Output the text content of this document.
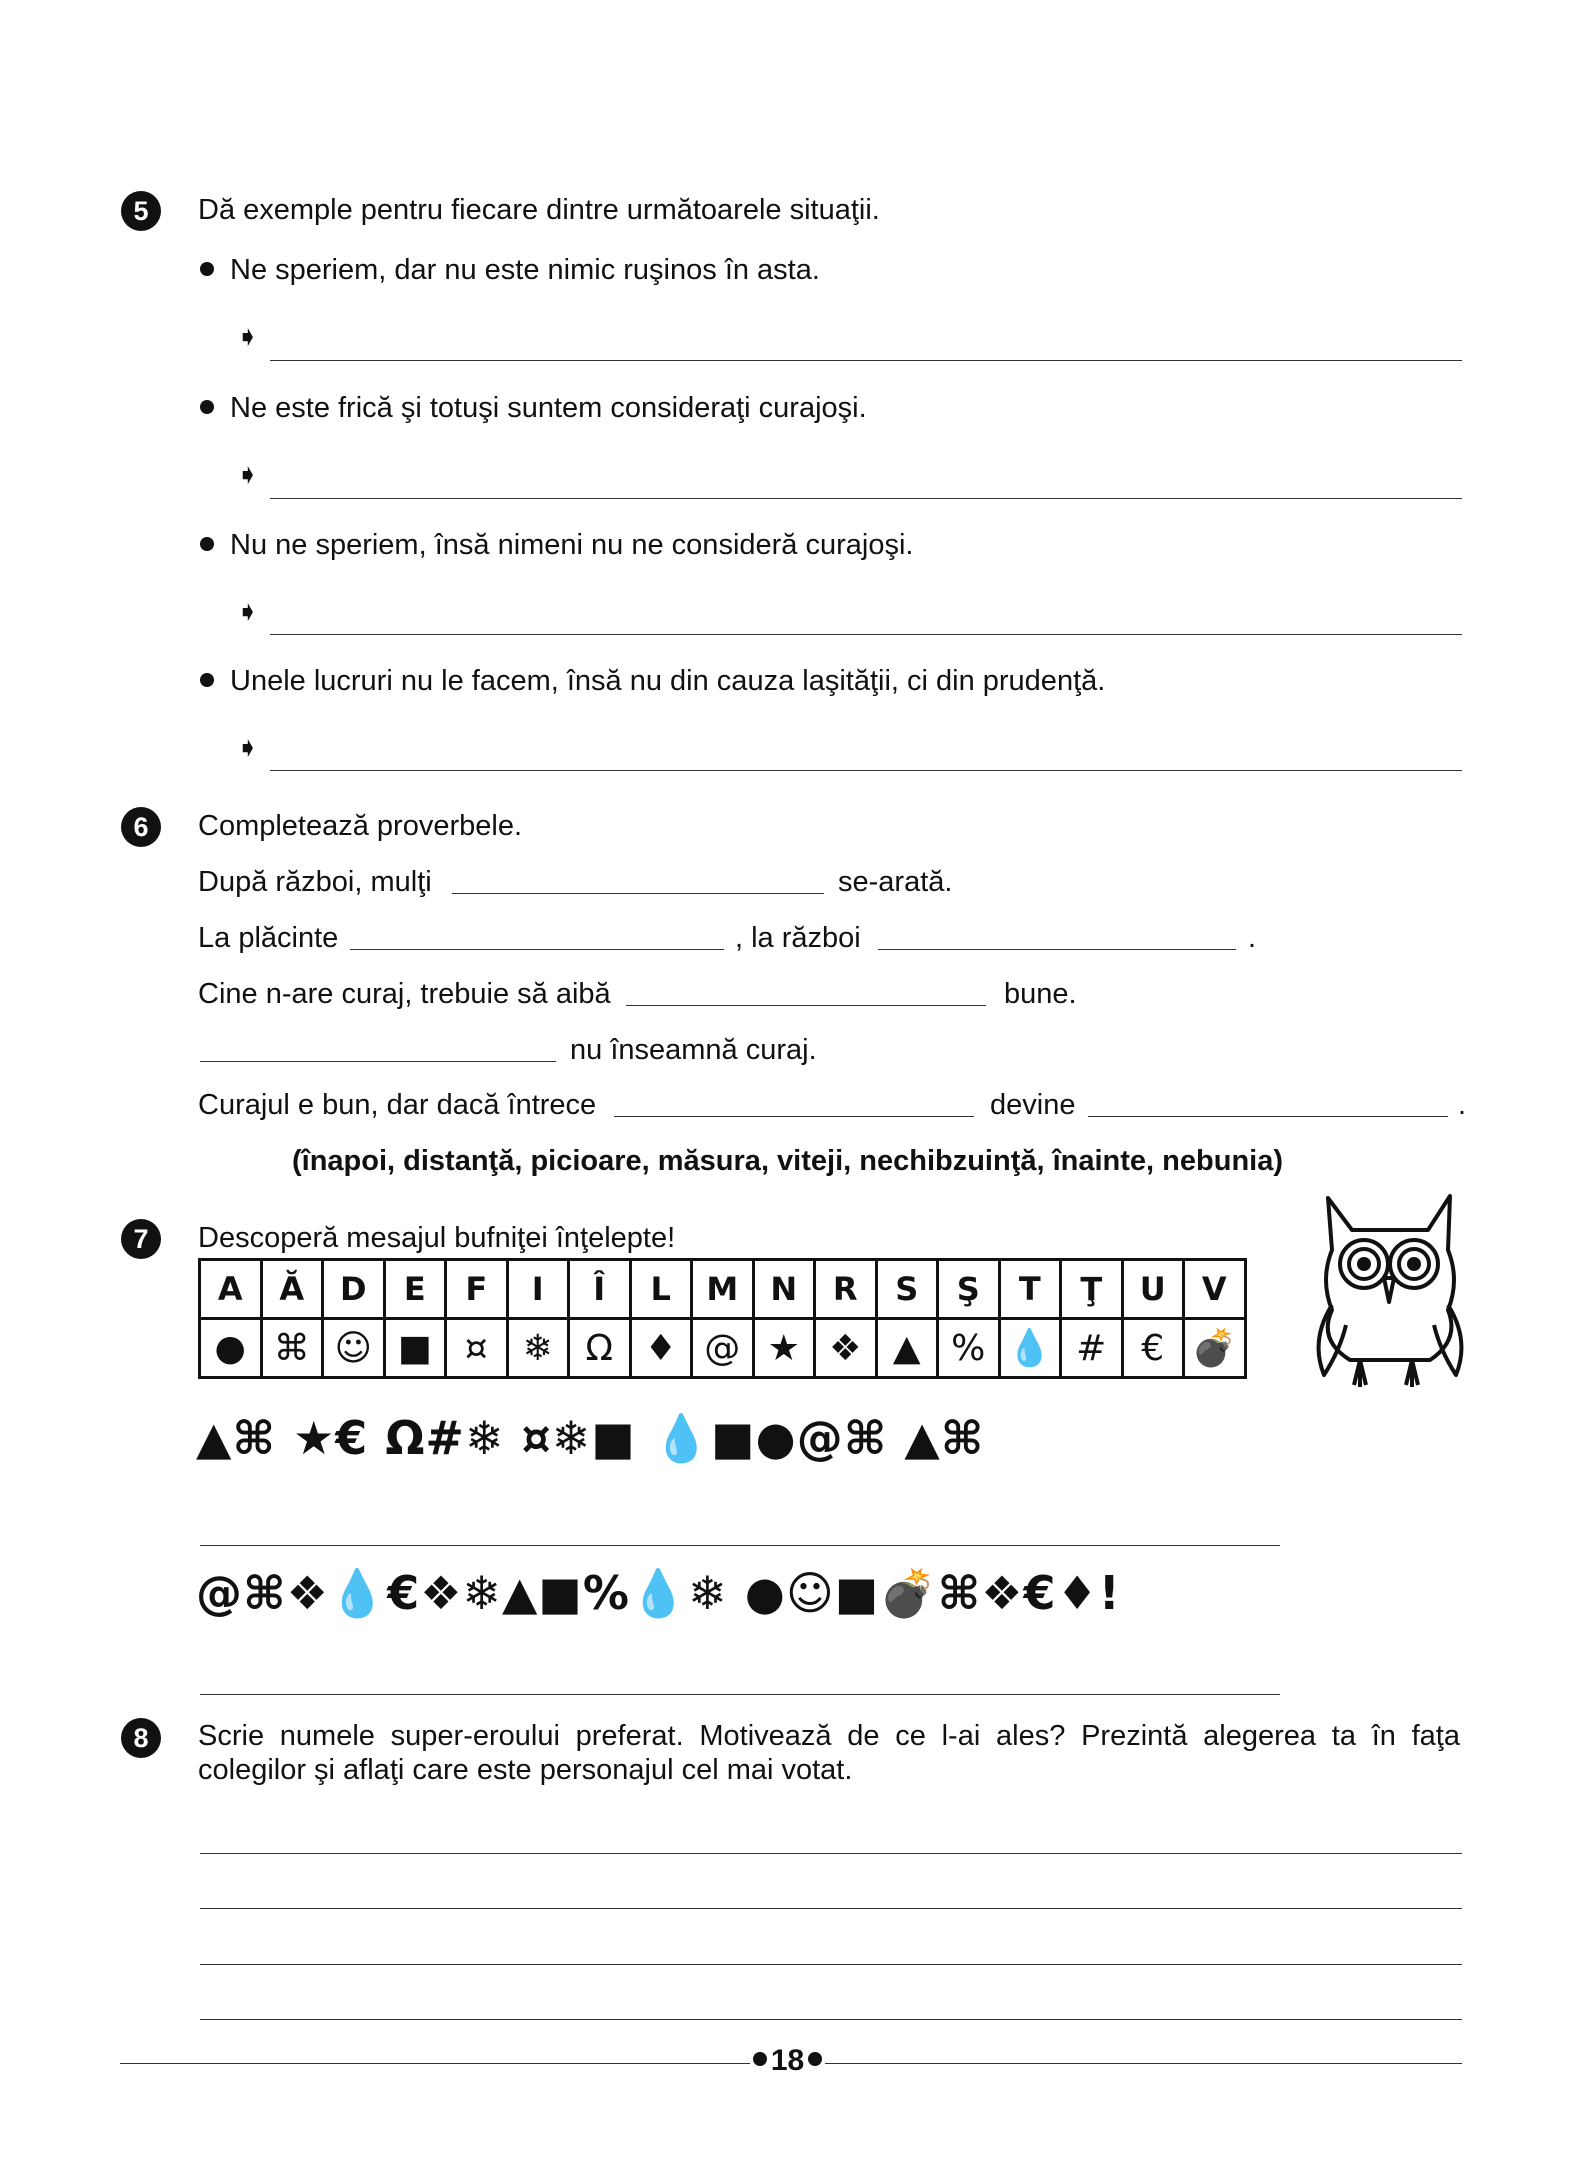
5 Dă exemple pentru fiecare dintre următoarele situaţii.
Ne speriem, dar nu este nimic ruşinos în asta.
➧
Ne este frică şi totuşi suntem consideraţi curajoşi.
➧
Nu ne speriem, însă nimeni nu ne consideră curajoşi.
➧
Unele lucruri nu le facem, însă nu din cauza laşităţii, ci din prudenţă.
➧
6 Completează proverbele.
După război, mulţi	se-arată.
La plăcinte	, la război	.
Cine n-are curaj, trebuie să aibă	bune.
nu înseamnă curaj.
Curajul e bun, dar dacă întrece	devine	.
(înapoi, distanţă, picioare, măsura, viteji, nechibzuinţă, înainte, nebunia)
7 Descoperă mesajul bufniţei înţelepte!
A	Ă	D	E	F	I	Î	L	M	N	R	S	Ş	T	Ţ	U	V
●	⌘	☺	■	¤	❄	Ω	♦	@	★	❖	▲	%	💧	#	€	💣
▲⌘ ★€ Ω#❄ ¤❄■ 💧■●@⌘ ▲⌘
@⌘❖💧€❖❄▲■%💧❄ ●☺■💣⌘❖€♦!
8 Scrie numele super-eroului preferat. Motivează de ce l-ai ales? Prezintă alegerea ta în faţa colegilor şi aflaţi care este personajul cel mai votat.
18
